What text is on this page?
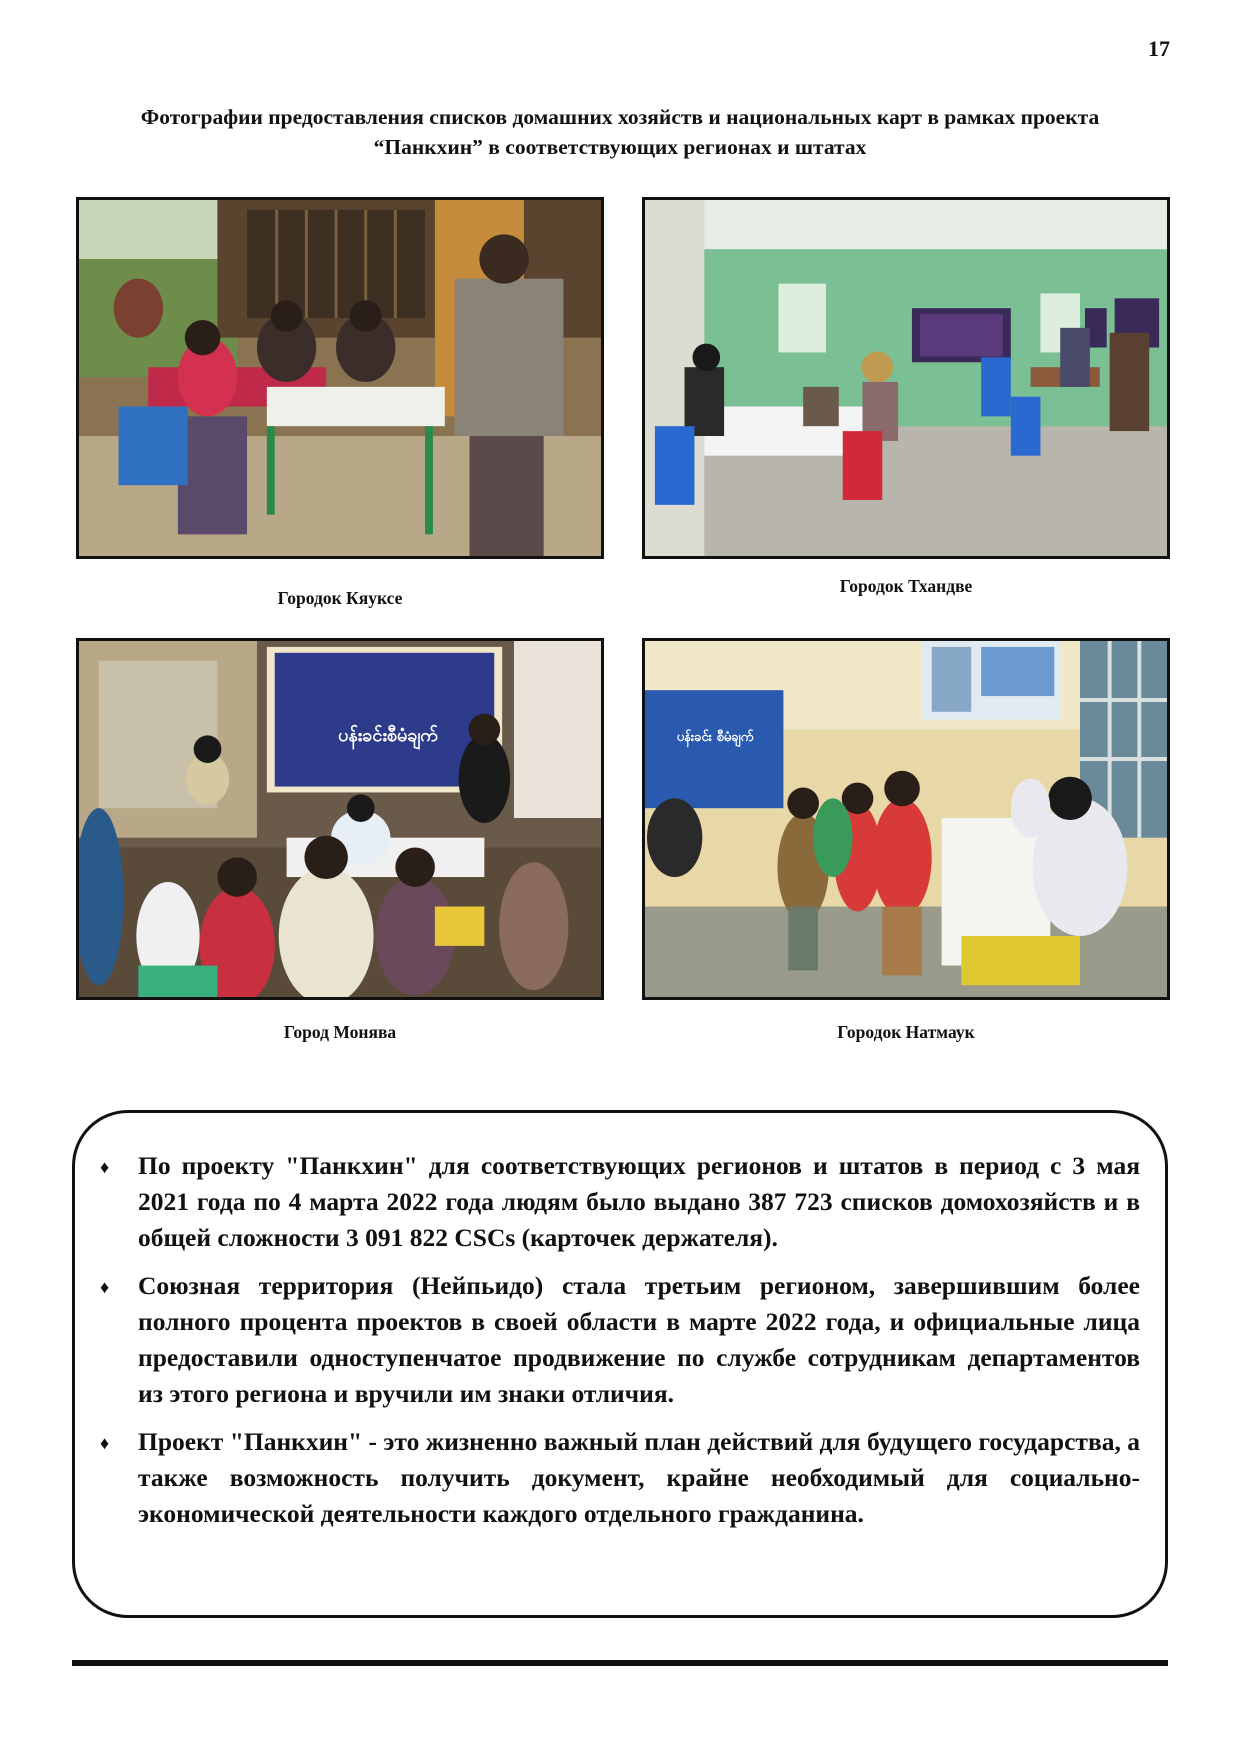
17
Фотографии предоставления списков домашних хозяйств и национальных карт в рамках проекта “Панкхин” в соответствующих регионах и штатах
Городок Кяуксе
Городок Тхандве
ပန်းခင်းစီမံချက်
Город Монява
ပန်းခင်း စီမံချက်
Городок Натмаук
♦ По проекту "Панкхин" для соответствующих регионов и штатов в период с 3 мая 2021 года по 4 марта 2022 года людям было выдано 387 723 списков домохозяйств и в общей сложности 3 091 822 CSCs (карточек держателя).
♦ Союзная территория (Нейпьидо) стала третьим регионом, завершившим более полного процента проектов в своей области в марте 2022 года, и официальные лица предоставили одноступенчатое продвижение по службе сотрудникам департаментов из этого региона и вручили им знаки отличия.
♦ Проект "Панкхин" - это жизненно важный план действий для будущего государства, а также возможность получить документ, крайне необходимый для социально-экономической деятельности каждого отдельного гражданина.
